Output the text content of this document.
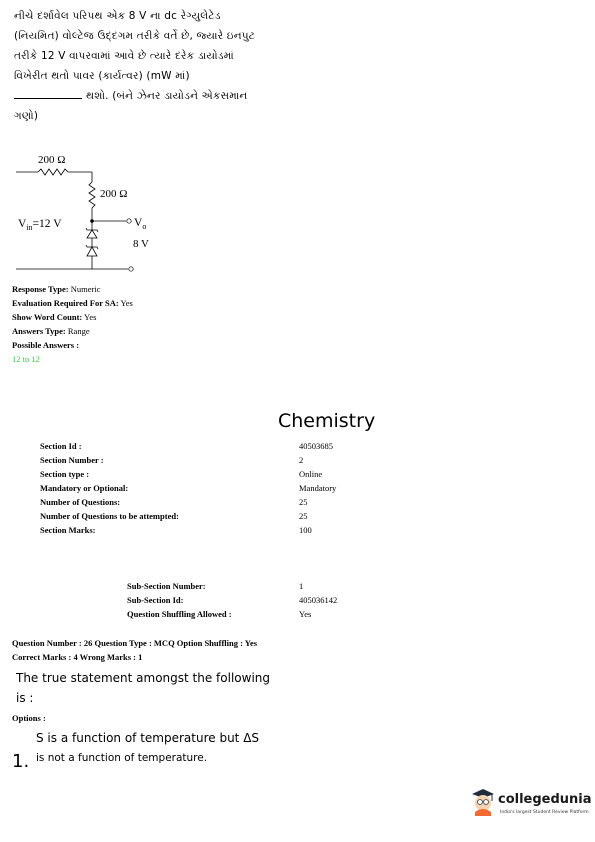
નીચે દર્શાવેલ પરિપથ એક 8 V ના dc રેગ્યુલેટેડ
(નિયમિત) વોલ્ટેજ ઉદ્દગમ તરીકે વર્તે છે, જ્યારે ઇનપુટ
તરીકે 12 V વાપરવામાં આવે છે ત્યારે દરેક ડાયોડમાં
વિખેરીત થતો પાવર (કાર્યત્વર) (mW માં)
થશો. (બંને ઝેનર ડાયોડને એકસમાન
ગણો)
200 Ω
200 Ω
$V_{in}=12$ V	$V_o$
8 V
Response Type: Numeric
Evaluation Required For SA: Yes
Show Word Count: Yes
Answers Type: Range
Possible Answers :
12 to 12
Chemistry
Section Id :	40503685
Section Number :	2
Section type :	Online
Mandatory or Optional:	Mandatory
Number of Questions:	25
Number of Questions to be attempted:	25
Section Marks:	100
Sub-Section Number:	1
Sub-Section Id:	405036142
Question Shuffling Allowed :	Yes
Question Number : 26 Question Type : MCQ Option Shuffling : Yes
Correct Marks : 4 Wrong Marks : 1
The true statement amongst the following
is :
Options :
1.
S is a function of temperature but ΔS
is not a function of temperature.
collegedunia
India's largest Student Review Platform
